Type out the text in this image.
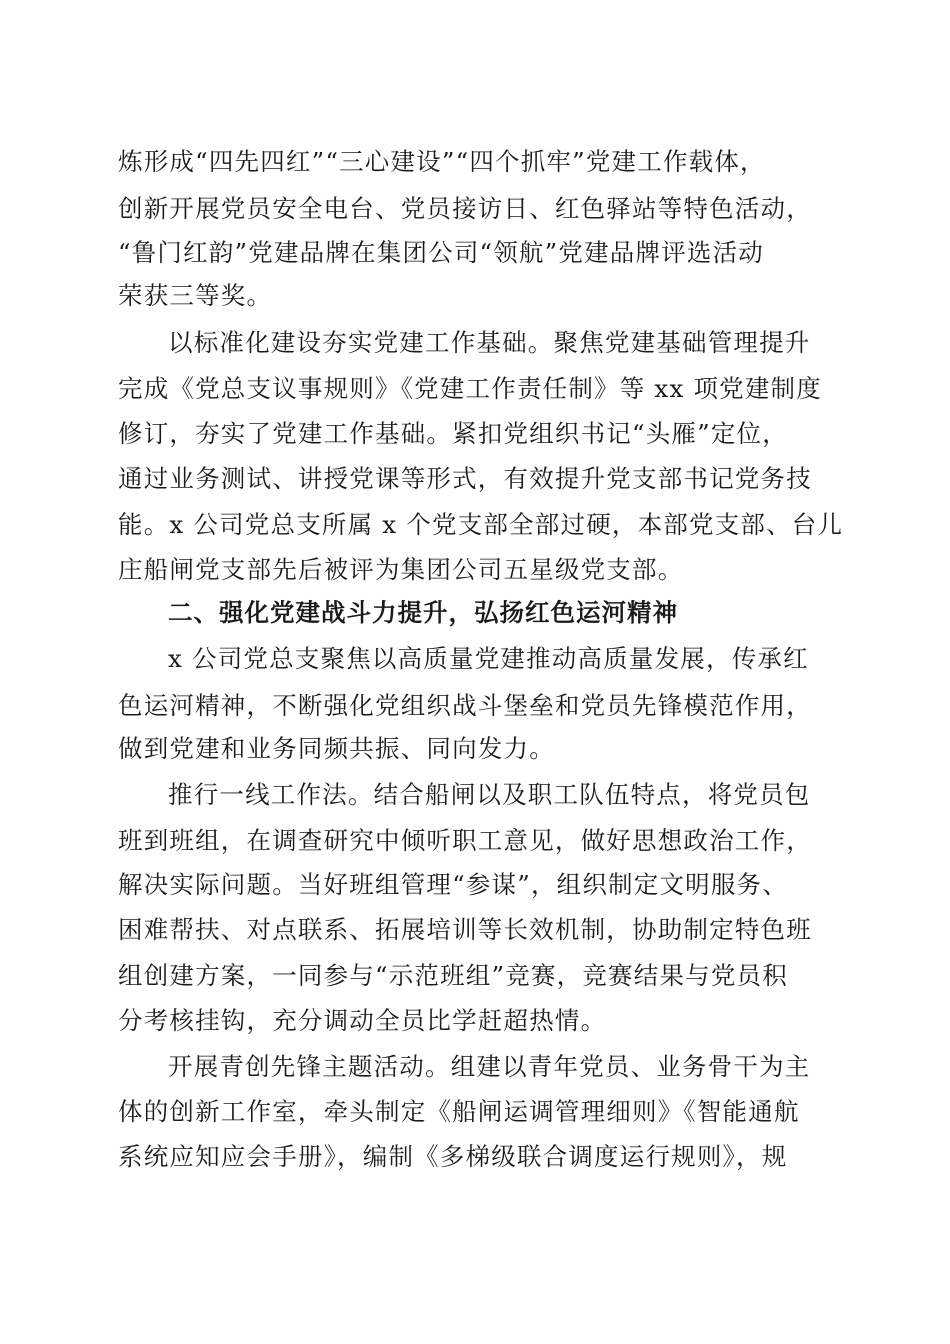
炼形成“四先四红”“三心建设”“四个抓牢”党建工作载体，
创新开展党员安全电台、党员接访日、红色驿站等特色活动，
“鲁门红韵”党建品牌在集团公司“领航”党建品牌评选活动
荣获三等奖。
以标准化建设夯实党建工作基础。聚焦党建基础管理提升
完成《党总支议事规则》《党建工作责任制》等 xx 项党建制度
修订，夯实了党建工作基础。紧扣党组织书记“头雁”定位，
通过业务测试、讲授党课等形式，有效提升党支部书记党务技
能。x 公司党总支所属 x 个党支部全部过硬，本部党支部、台儿
庄船闸党支部先后被评为集团公司五星级党支部。
二、强化党建战斗力提升，弘扬红色运河精神
x 公司党总支聚焦以高质量党建推动高质量发展，传承红
色运河精神，不断强化党组织战斗堡垒和党员先锋模范作用，
做到党建和业务同频共振、同向发力。
推行一线工作法。结合船闸以及职工队伍特点，将党员包
班到班组，在调查研究中倾听职工意见，做好思想政治工作，
解决实际问题。当好班组管理“参谋”，组织制定文明服务、
困难帮扶、对点联系、拓展培训等长效机制，协助制定特色班
组创建方案，一同参与“示范班组”竞赛，竞赛结果与党员积
分考核挂钩，充分调动全员比学赶超热情。
开展青创先锋主题活动。组建以青年党员、业务骨干为主
体的创新工作室，牵头制定《船闸运调管理细则》《智能通航
系统应知应会手册》，编制《多梯级联合调度运行规则》，规
